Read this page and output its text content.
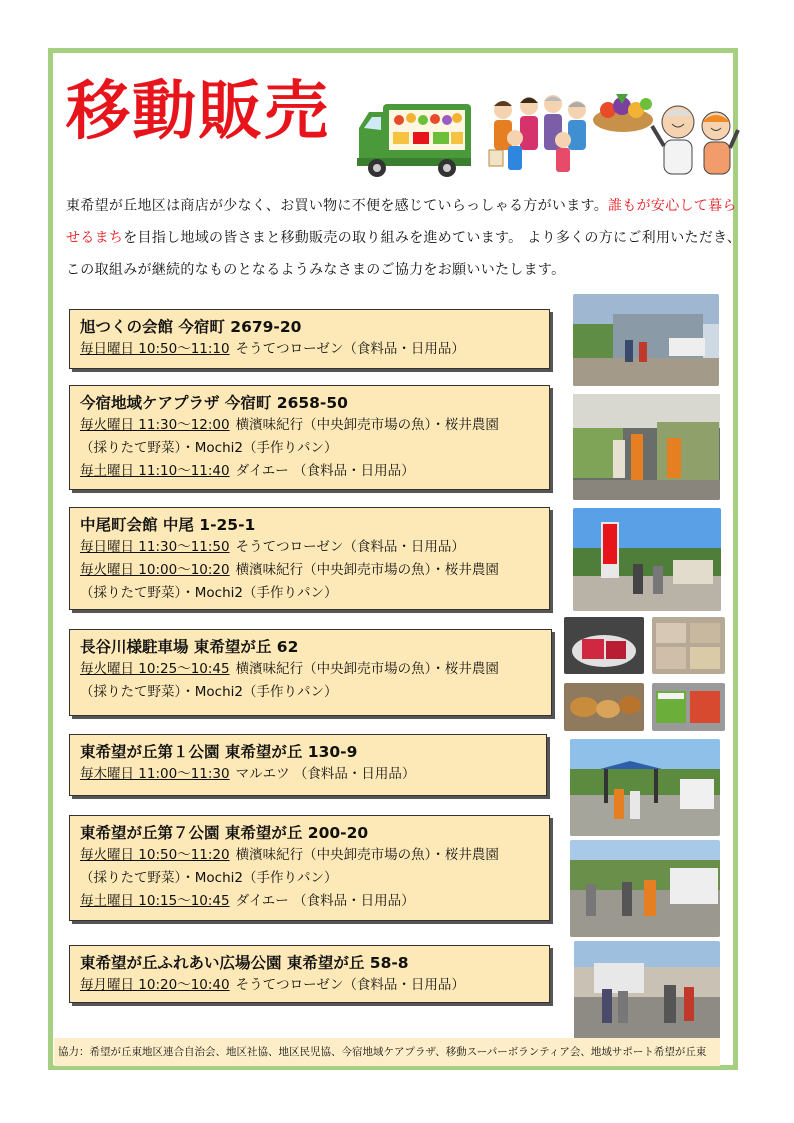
移動販売

東希望が丘地区は商店が少なく、お買い物に不便を感じていらっしゃる方がいます。誰もが安心して暮らせるまちを目指し地域の皆さまと移動販売の取り組みを進めています。 より多くの方にご利用いただき、この取組みが継続的なものとなるようみなさまのご協力をお願いいたします。

旭つくの会館 今宿町 2679-20
毎日曜日 10:50～11:10 そうてつローゼン（食料品・日用品）
今宿地域ケアプラザ 今宿町 2658-50
毎火曜日 11:30～12:00 横濱味紀行（中央卸売市場の魚）・桜井農園
（採りたて野菜）・Mochi2（手作りパン）
毎土曜日 11:10～11:40 ダイエー （食料品・日用品）
中尾町会館 中尾 1-25-1
毎日曜日 11:30～11:50 そうてつローゼン（食料品・日用品）
毎火曜日 10:00～10:20 横濱味紀行（中央卸売市場の魚）・桜井農園
（採りたて野菜）・Mochi2（手作りパン）
長谷川様駐車場 東希望が丘 62
毎火曜日 10:25～10:45 横濱味紀行（中央卸売市場の魚）・桜井農園
（採りたて野菜）・Mochi2（手作りパン）
東希望が丘第１公園 東希望が丘 130-9
毎木曜日 11:00～11:30 マルエツ （食料品・日用品）
東希望が丘第７公園 東希望が丘 200-20
毎火曜日 10:50～11:20 横濱味紀行（中央卸売市場の魚）・桜井農園
（採りたて野菜）・Mochi2（手作りパン）
毎土曜日 10:15～10:45 ダイエー （食料品・日用品）
東希望が丘ふれあい広場公園 東希望が丘 58-8
毎月曜日 10:20～10:40 そうてつローゼン（食料品・日用品）
協力：希望が丘東地区連合自治会、地区社協、地区民児協、今宿地域ケアプラザ、移動スーパーボランティア会、地域サポート希望が丘東
